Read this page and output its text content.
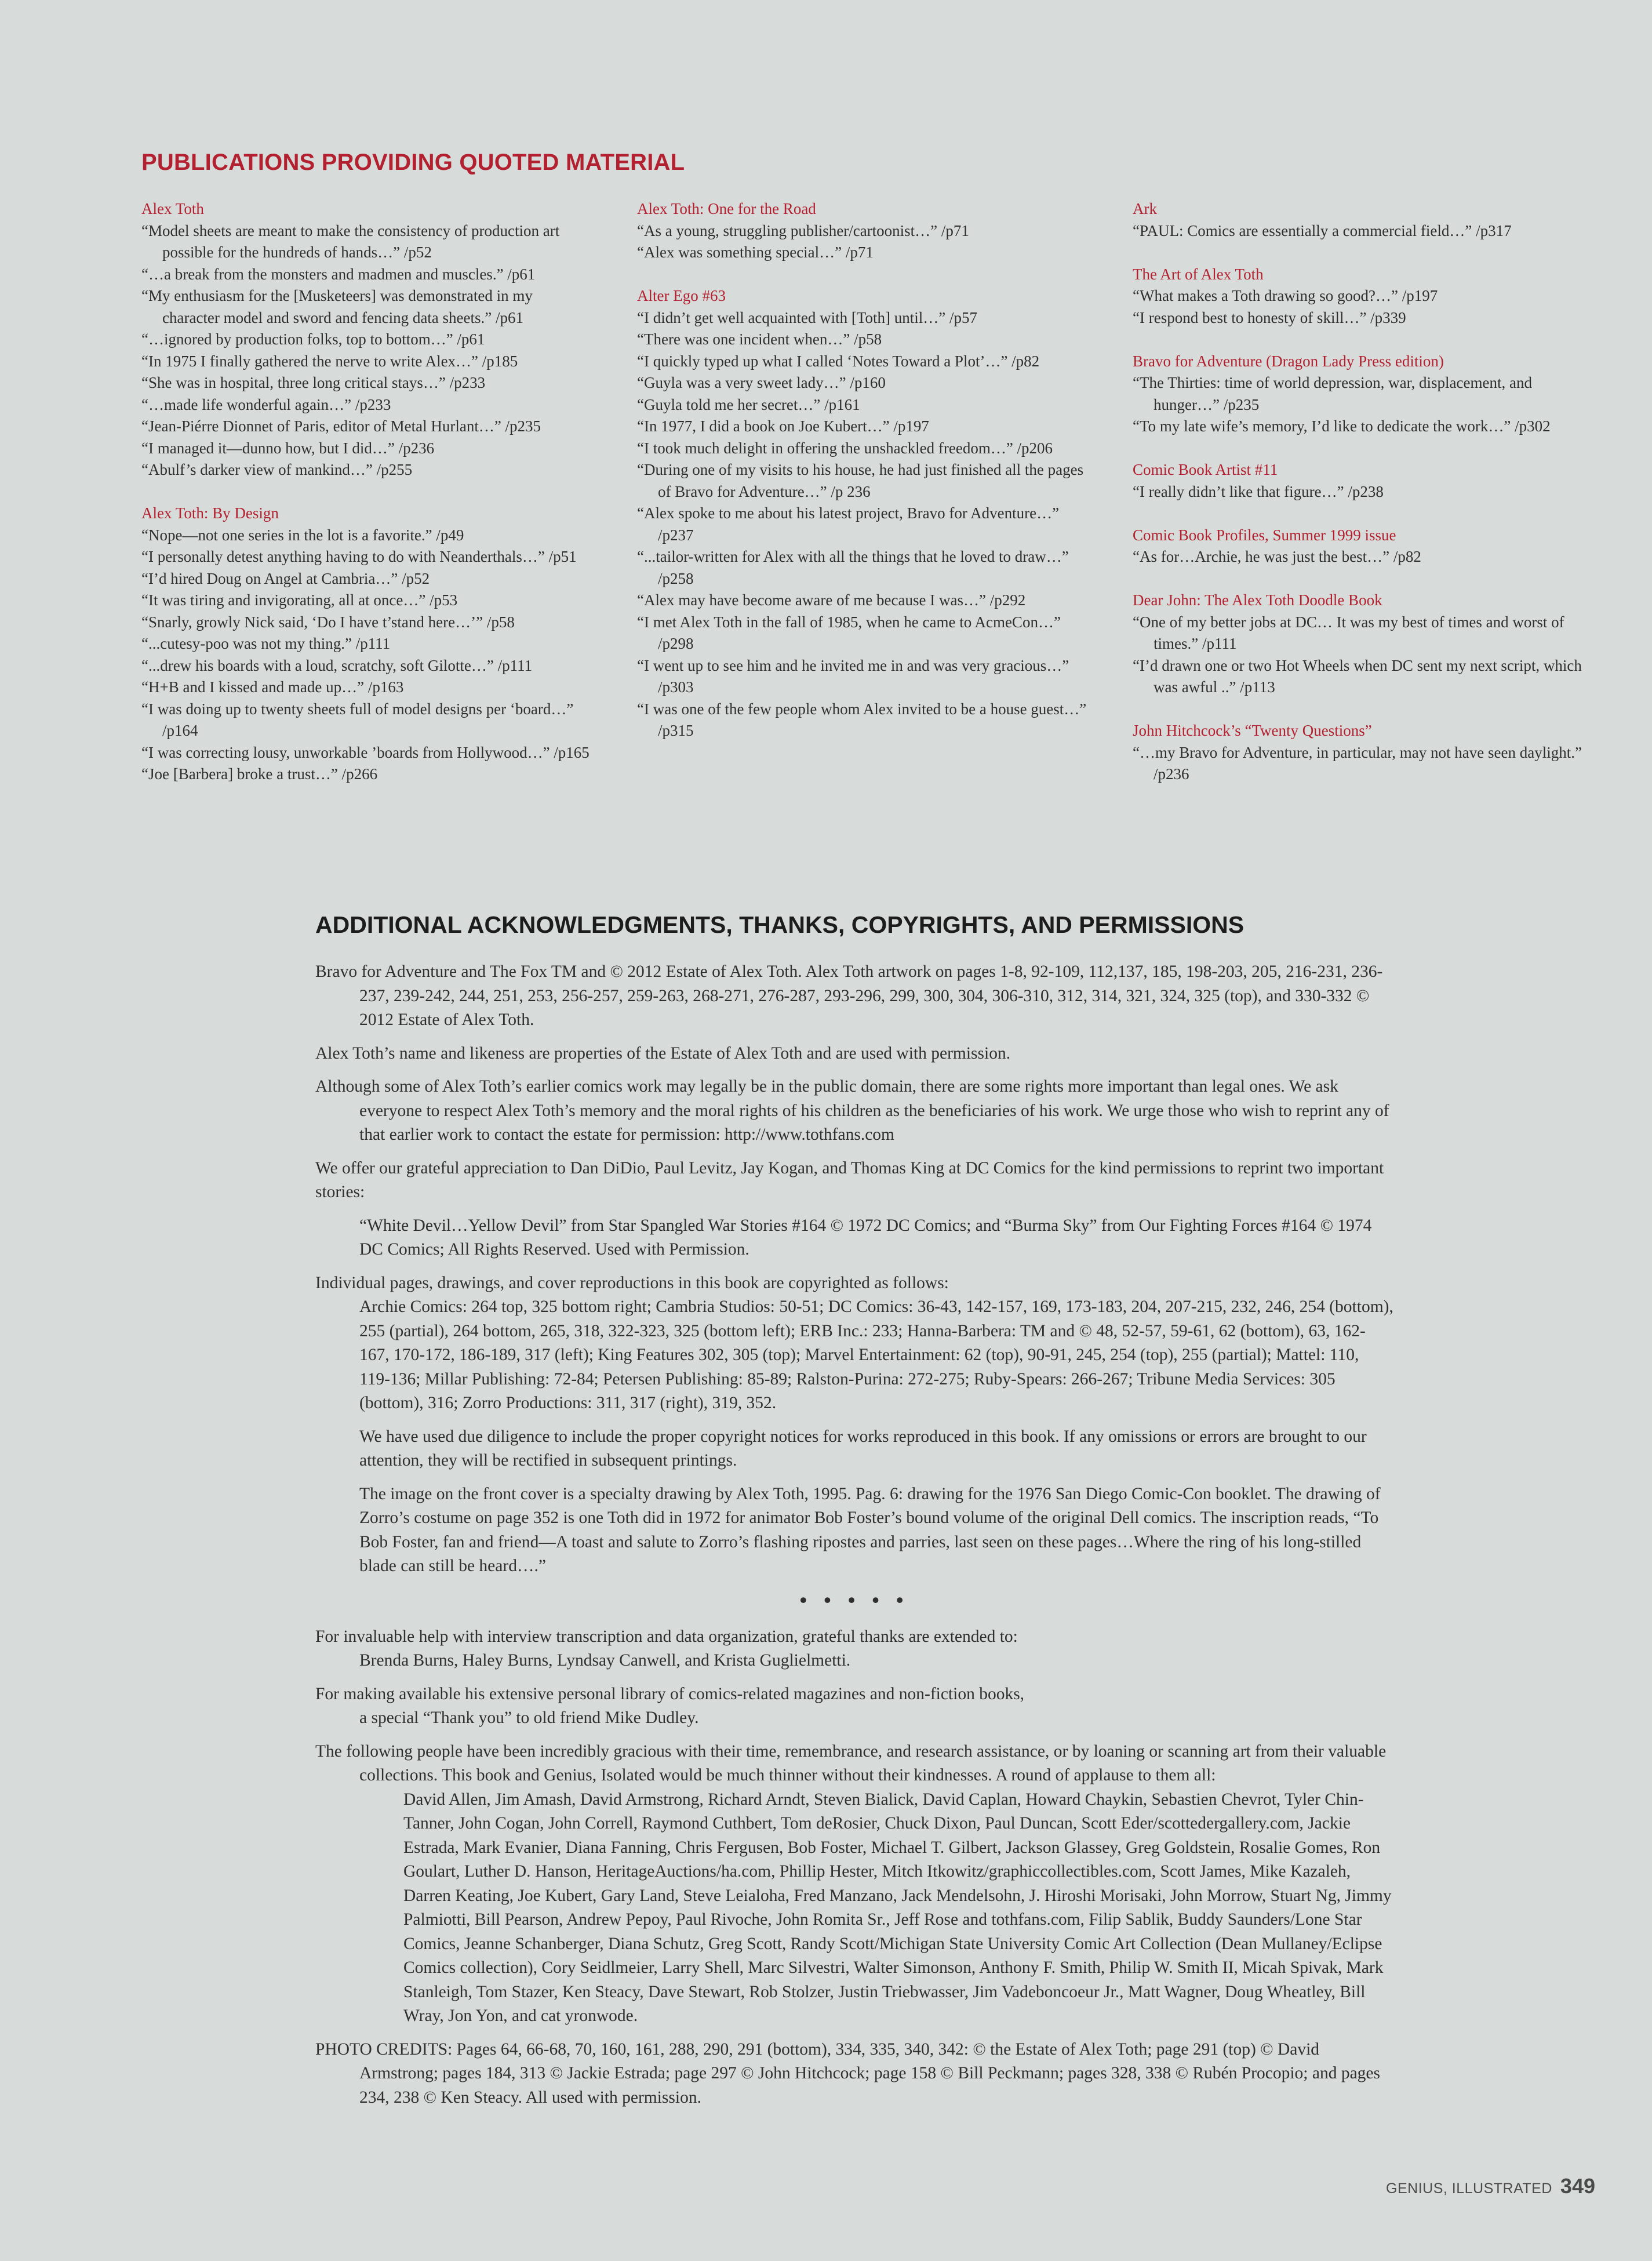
PUBLICATIONS PROVIDING QUOTED MATERIAL
Alex Toth
“Model sheets are meant to make the consistency of production art possible for the hundreds of hands…” /p52
“…a break from the monsters and madmen and muscles.” /p61
“My enthusiasm for the [Musketeers] was demonstrated in my character model and sword and fencing data sheets.” /p61
“…ignored by production folks, top to bottom…” /p61
“In 1975 I finally gathered the nerve to write Alex…” /p185
“She was in hospital, three long critical stays…” /p233
“…made life wonderful again…” /p233
“Jean-Piérre Dionnet of Paris, editor of Metal Hurlant…” /p235
“I managed it—dunno how, but I did…” /p236
“Abulf’s darker view of mankind…” /p255
Alex Toth: By Design
“Nope—not one series in the lot is a favorite.” /p49
“I personally detest anything having to do with Neanderthals…” /p51
“I’d hired Doug on Angel at Cambria…” /p52
“It was tiring and invigorating, all at once…” /p53
“Snarly, growly Nick said, ‘Do I have t’stand here…’” /p58
“...cutesy-poo was not my thing.” /p111
“...drew his boards with a loud, scratchy, soft Gilotte…” /p111
“H+B and I kissed and made up…” /p163
“I was doing up to twenty sheets full of model designs per ‘board…” /p164
“I was correcting lousy, unworkable ’boards from Hollywood…” /p165
“Joe [Barbera] broke a trust…” /p266
Alex Toth: One for the Road
“As a young, struggling publisher/cartoonist…” /p71
“Alex was something special…” /p71
Alter Ego #63
“I didn’t get well acquainted with [Toth] until…” /p57
“There was one incident when…” /p58
“I quickly typed up what I called ‘Notes Toward a Plot’…” /p82
“Guyla was a very sweet lady…” /p160
“Guyla told me her secret…” /p161
“In 1977, I did a book on Joe Kubert…” /p197
“I took much delight in offering the unshackled freedom…” /p206
“During one of my visits to his house, he had just finished all the pages of Bravo for Adventure…” /p 236
“Alex spoke to me about his latest project, Bravo for Adventure…” /p237
“...tailor-written for Alex with all the things that he loved to draw…” /p258
“Alex may have become aware of me because I was…” /p292
“I met Alex Toth in the fall of 1985, when he came to AcmeCon…” /p298
“I went up to see him and he invited me in and was very gracious…” /p303
“I was one of the few people whom Alex invited to be a house guest…” /p315
Ark
“PAUL: Comics are essentially a commercial field…” /p317
The Art of Alex Toth
“What makes a Toth drawing so good?…” /p197
“I respond best to honesty of skill…” /p339
Bravo for Adventure (Dragon Lady Press edition)
“The Thirties: time of world depression, war, displacement, and hunger…” /p235
“To my late wife’s memory, I’d like to dedicate the work…” /p302
Comic Book Artist #11
“I really didn’t like that figure…” /p238
Comic Book Profiles, Summer 1999 issue
“As for…Archie, he was just the best…” /p82
Dear John: The Alex Toth Doodle Book
“One of my better jobs at DC… It was my best of times and worst of times.” /p111
“I’d drawn one or two Hot Wheels when DC sent my next script, which was awful ..” /p113
John Hitchcock’s “Twenty Questions”
“…my Bravo for Adventure, in particular, may not have seen daylight.” /p236
ADDITIONAL ACKNOWLEDGMENTS, THANKS, COPYRIGHTS, AND PERMISSIONS

Bravo for Adventure and The Fox TM and © 2012 Estate of Alex Toth. Alex Toth artwork on pages 1-8, 92-109, 112,137, 185, 198-203, 205, 216-231, 236-237, 239-242, 244, 251, 253, 256-257, 259-263, 268-271, 276-287, 293-296, 299, 300, 304, 306-310, 312, 314, 321, 324, 325 (top), and 330-332 © 2012 Estate of Alex Toth.

Alex Toth’s name and likeness are properties of the Estate of Alex Toth and are used with permission.

Although some of Alex Toth’s earlier comics work may legally be in the public domain, there are some rights more important than legal ones. We ask everyone to respect Alex Toth’s memory and the moral rights of his children as the beneficiaries of his work. We urge those who wish to reprint any of that earlier work to contact the estate for permission: http://www.tothfans.com

We offer our grateful appreciation to Dan DiDio, Paul Levitz, Jay Kogan, and Thomas King at DC Comics for the kind permissions to reprint two important stories:

“White Devil…Yellow Devil” from Star Spangled War Stories #164 © 1972 DC Comics; and “Burma Sky” from Our Fighting Forces #164 © 1974 DC Comics; All Rights Reserved. Used with Permission.

Individual pages, drawings, and cover reproductions in this book are copyrighted as follows:

Archie Comics: 264 top, 325 bottom right; Cambria Studios: 50-51; DC Comics: 36-43, 142-157, 169, 173-183, 204, 207-215, 232, 246, 254 (bottom), 255 (partial), 264 bottom, 265, 318, 322-323, 325 (bottom left); ERB Inc.: 233; Hanna-Barbera: TM and © 48, 52-57, 59-61, 62 (bottom), 63, 162-167, 170-172, 186-189, 317 (left); King Features 302, 305 (top); Marvel Entertainment: 62 (top), 90-91, 245, 254 (top), 255 (partial); Mattel: 110, 119-136; Millar Publishing: 72-84; Petersen Publishing: 85-89; Ralston-Purina: 272-275; Ruby-Spears: 266-267; Tribune Media Services: 305 (bottom), 316; Zorro Productions: 311, 317 (right), 319, 352.

We have used due diligence to include the proper copyright notices for works reproduced in this book. If any omissions or errors are brought to our attention, they will be rectified in subsequent printings.

The image on the front cover is a specialty drawing by Alex Toth, 1995. Pag. 6: drawing for the 1976 San Diego Comic-Con booklet. The drawing of Zorro’s costume on page 352 is one Toth did in 1972 for animator Bob Foster’s bound volume of the original Dell comics. The inscription reads, “To Bob Foster, fan and friend—A toast and salute to Zorro’s flashing ripostes and parries, last seen on these pages…Where the ring of his long-stilled blade can still be heard….”

• • • • •

For invaluable help with interview transcription and data organization, grateful thanks are extended to:

Brenda Burns, Haley Burns, Lyndsay Canwell, and Krista Guglielmetti.

For making available his extensive personal library of comics-related magazines and non-fiction books,

a special “Thank you” to old friend Mike Dudley.

The following people have been incredibly gracious with their time, remembrance, and research assistance, or by loaning or scanning art from their valuable collections. This book and Genius, Isolated would be much thinner without their kindnesses. A round of applause to them all:

David Allen, Jim Amash, David Armstrong, Richard Arndt, Steven Bialick, David Caplan, Howard Chaykin, Sebastien Chevrot, Tyler Chin-Tanner, John Cogan, John Correll, Raymond Cuthbert, Tom deRosier, Chuck Dixon, Paul Duncan, Scott Eder/scottedergallery.com, Jackie Estrada, Mark Evanier, Diana Fanning, Chris Fergusen, Bob Foster, Michael T. Gilbert, Jackson Glassey, Greg Goldstein, Rosalie Gomes, Ron Goulart, Luther D. Hanson, HeritageAuctions/ha.com, Phillip Hester, Mitch Itkowitz/graphiccollectibles.com, Scott James, Mike Kazaleh, Darren Keating, Joe Kubert, Gary Land, Steve Leialoha, Fred Manzano, Jack Mendelsohn, J. Hiroshi Morisaki, John Morrow, Stuart Ng, Jimmy Palmiotti, Bill Pearson, Andrew Pepoy, Paul Rivoche, John Romita Sr., Jeff Rose and tothfans.com, Filip Sablik, Buddy Saunders/Lone Star Comics, Jeanne Schanberger, Diana Schutz, Greg Scott, Randy Scott/Michigan State University Comic Art Collection (Dean Mullaney/Eclipse Comics collection), Cory Seidlmeier, Larry Shell, Marc Silvestri, Walter Simonson, Anthony F. Smith, Philip W. Smith II, Micah Spivak, Mark Stanleigh, Tom Stazer, Ken Steacy, Dave Stewart, Rob Stolzer, Justin Triebwasser, Jim Vadeboncoeur Jr., Matt Wagner, Doug Wheatley, Bill Wray, Jon Yon, and cat yronwode.

PHOTO CREDITS: Pages 64, 66-68, 70, 160, 161, 288, 290, 291 (bottom), 334, 335, 340, 342: © the Estate of Alex Toth; page 291 (top) © David Armstrong; pages 184, 313 © Jackie Estrada; page 297 © John Hitchcock; page 158 © Bill Peckmann; pages 328, 338 © Rubén Procopio; and pages 234, 238 © Ken Steacy. All used with permission.

GENIUS, ILLUSTRATED 349
